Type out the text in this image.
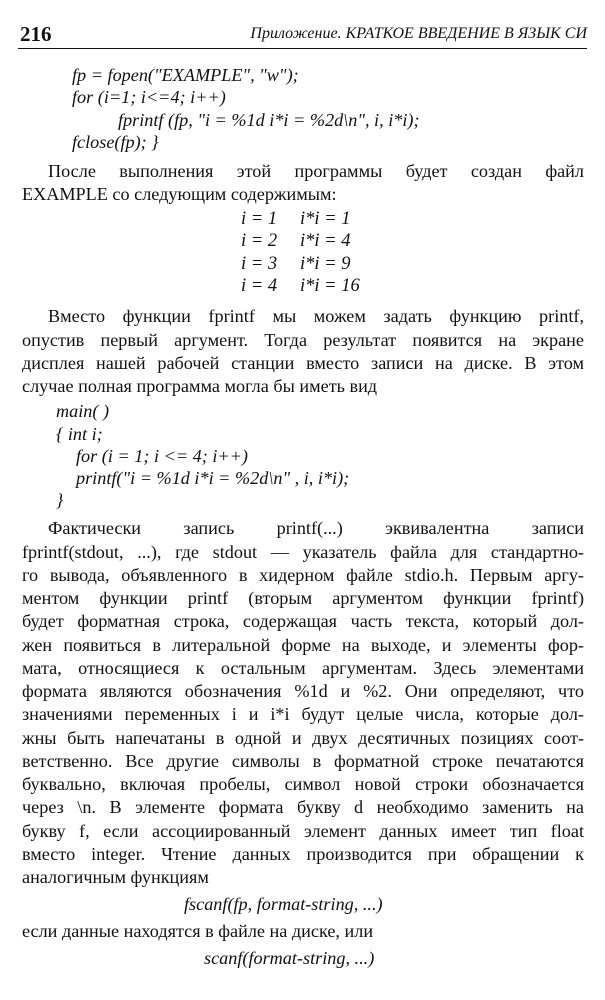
216	Приложение. КРАТКОЕ ВВЕДЕНИЕ В ЯЗЫК СИ
fp = fopen("EXAMPLE", "w");
for (i=1; i<=4; i++)
fprintf (fp, "i = %1d i*i = %2d\n", i, i*i);
fclose(fp); }
После выполнения этой программы будет создан файл
EXAMPLE со следующим содержимым:
i = 1 i*i = 1
i = 2 i*i = 4
i = 3 i*i = 9
i = 4 i*i = 16
Вместо функции fprintf мы можем задать функцию printf,
опустив первый аргумент. Тогда результат появится на экране
дисплея нашей рабочей станции вместо записи на диске. В этом
случае полная программа могла бы иметь вид
main( )
{ int i;
for (i = 1; i <= 4; i++)
printf("i = %1d i*i = %2d\n" , i, i*i);
}
Фактически запись printf(...) эквивалентна записи
fprintf(stdout, ...), где stdout — указатель файла для стандартно-
го вывода, объявленного в хидерном файле stdio.h. Первым аргу-
ментом функции printf (вторым аргументом функции fprintf)
будет форматная строка, содержащая часть текста, который дол-
жен появиться в литеральной форме на выходе, и элементы фор-
мата, относящиеся к остальным аргументам. Здесь элементами
формата являются обозначения %1d и %2. Они определяют, что
значениями переменных i и i*i будут целые числа, которые дол-
жны быть напечатаны в одной и двух десятичных позициях соот-
ветственно. Все другие символы в форматной строке печатаются
буквально, включая пробелы, символ новой строки обозначается
через \n. В элементе формата букву d необходимо заменить на
букву f, если ассоциированный элемент данных имеет тип float
вместо integer. Чтение данных производится при обращении к
аналогичным функциям
fscanf(fp, format-string, ...)
если данные находятся в файле на диске, или
scanf(format-string, ...)
